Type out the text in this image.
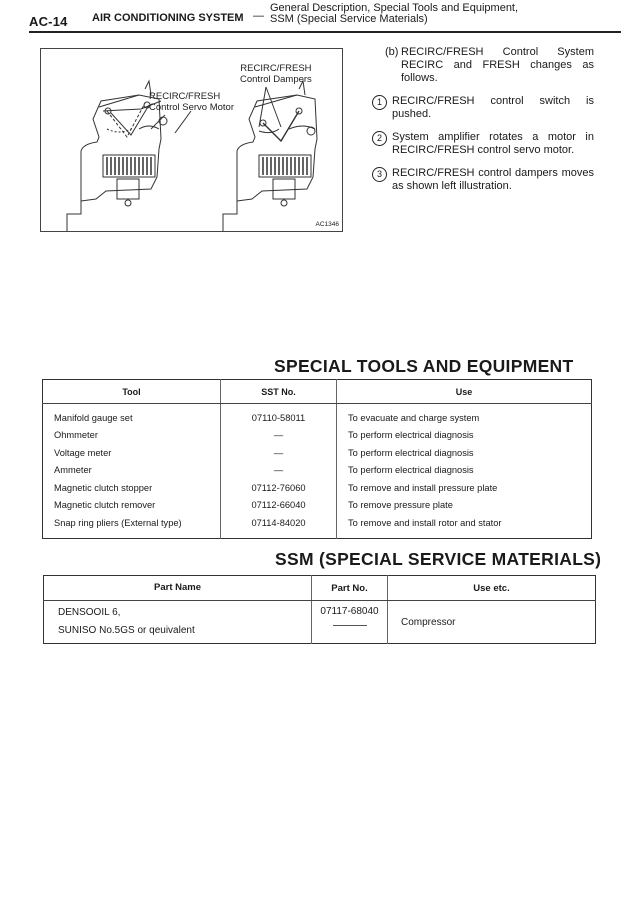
AC-14 AIR CONDITIONING SYSTEM —
General Description, Special Tools and Equipment,
SSM (Special Service Materials)
RECIRC/FRESH
Control Dampers
RECIRC/FRESH
Control Servo Motor
AC1346
(b) RECIRC/FRESH Control System RECIRC and FRESH changes as follows.
1 RECIRC/FRESH control switch is pushed.
2 System amplifier rotates a motor in RECIRC/FRESH control servo motor.
3 RECIRC/FRESH control dampers moves as shown left illustration.
SPECIAL TOOLS AND EQUIPMENT
Tool	SST No.	Use
Manifold gauge set	07110-58011	To evacuate and charge system
Ohmmeter	—	To perform electrical diagnosis
Voltage meter	—	To perform electrical diagnosis
Ammeter	—	To perform electrical diagnosis
Magnetic clutch stopper	07112-76060	To remove and install pressure plate
Magnetic clutch remover	07112-66040	To remove pressure plate
Snap ring pliers (External type)	07114-84020	To remove and install rotor and stator
SSM (SPECIAL SERVICE MATERIALS)
Part Name	Part No.	Use etc.

DENSOOIL 6,
SUNISO No.5GS or qeuivalent	07117-68040	Compressor
